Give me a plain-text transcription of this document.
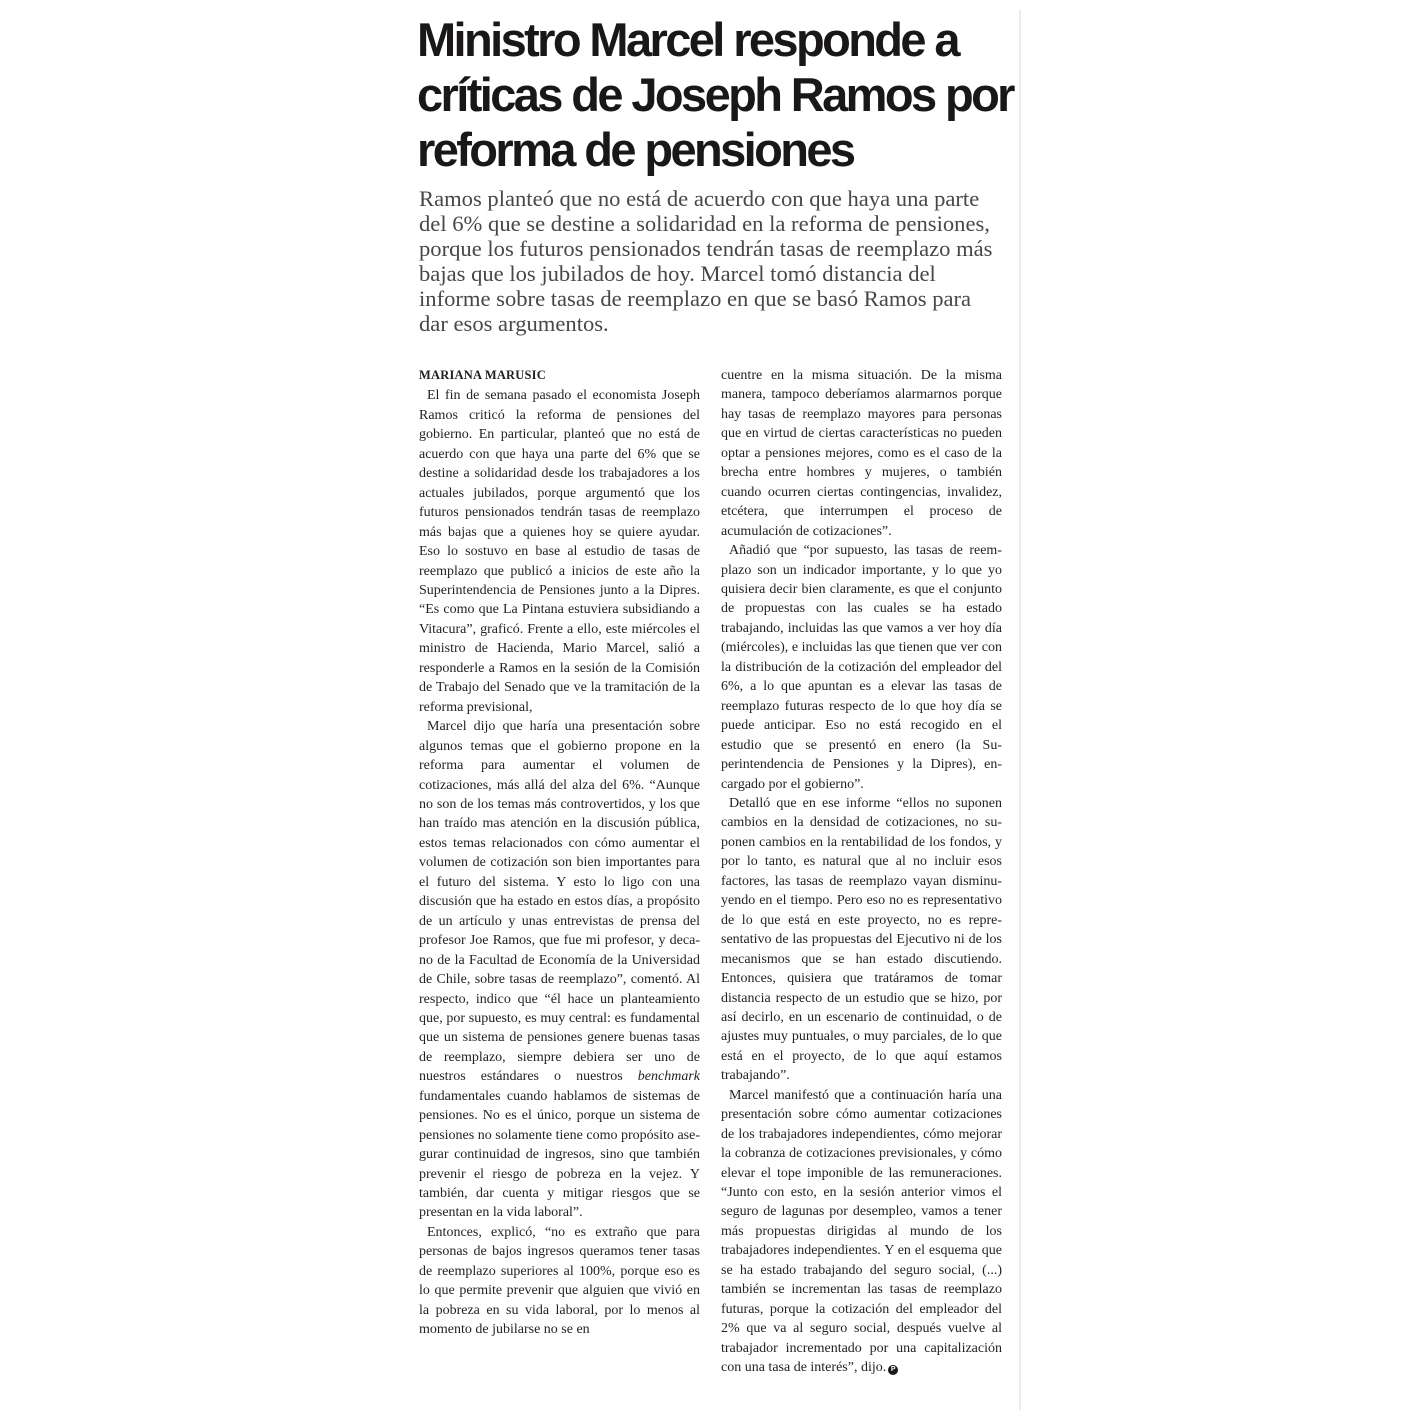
Ministro Marcel responde a críticas de Joseph Ramos por reforma de pensiones

Ramos planteó que no está de acuerdo con que haya una parte del 6% que se destine a solidaridad en la reforma de pensiones, porque los futuros pensionados tendrán tasas de reemplazo más bajas que los jubilados de hoy. Marcel tomó distancia del informe sobre tasas de reemplazo en que se basó Ramos para dar esos argumentos.

MARIANA MARUSIC

El fin de semana pasado el economista Joseph Ramos criticó la reforma de pensiones del gobierno. En particular, planteó que no está de acuerdo con que haya una parte del 6% que se destine a solidaridad desde los trabajadores a los actuales jubilados, porque argumentó que los futuros pensionados tendrán tasas de reemplazo más bajas que a quienes hoy se quiere ayudar. Eso lo sostuvo en base al estudio de tasas de reemplazo que publicó a inicios de este año la Superintendencia de Pensiones junto a la Dipres. “Es como que La Pintana estuviera subsidiando a Vitacura”, graficó. Frente a ello, este miércoles el ministro de Hacienda, Mario Marcel, salió a responderle a Ramos en la sesión de la Comisión de Trabajo del Senado que ve la tramitación de la reforma previsional,

Marcel dijo que haría una presentación sobre algunos temas que el gobierno propone en la reforma para aumentar el volumen de cotizaciones, más allá del alza del 6%. “Aunque no son de los temas más controvertidos, y los que han traído mas atención en la discusión pública, estos temas relacionados con cómo aumentar el volumen de cotización son bien importantes para el futuro del sistema. Y esto lo ligo con una discusión que ha estado en estos días, a propósito de un artículo y unas entrevistas de prensa del profesor Joe Ramos, que fue mi profesor, y decano de la Facultad de Economía de la Universidad de Chile, sobre tasas de reemplazo”, comentó. Al respecto, indico que “él hace un planteamiento que, por supuesto, es muy central: es fundamental que un sistema de pensiones genere buenas tasas de reemplazo, siempre debiera ser uno de nuestros estándares o nuestros benchmark fundamentales cuando hablamos de sistemas de pensiones. No es el único, porque un sistema de pensiones no solamente tiene como propósito asegurar continuidad de ingresos, sino que también prevenir el riesgo de pobreza en la vejez. Y también, dar cuenta y mitigar riesgos que se presentan en la vida laboral”.

Entonces, explicó, “no es extraño que para personas de bajos ingresos queramos tener tasas de reemplazo superiores al 100%, porque eso es lo que permite prevenir que alguien que vivió en la pobreza en su vida laboral, por lo menos al momento de jubilarse no se en

cuentre en la misma situación. De la misma manera, tampoco deberíamos alarmarnos porque hay tasas de reemplazo mayores para personas que en virtud de ciertas características no pueden optar a pensiones mejores, como es el caso de la brecha entre hombres y mujeres, o también cuando ocurren ciertas contingencias, invalidez, etcétera, que interrumpen el proceso de acumulación de cotizaciones”.

Añadió que “por supuesto, las tasas de reemplazo son un indicador importante, y lo que yo quisiera decir bien claramente, es que el conjunto de propuestas con las cuales se ha estado trabajando, incluidas las que vamos a ver hoy día (miércoles), e incluidas las que tienen que ver con la distribución de la cotización del empleador del 6%, a lo que apuntan es a elevar las tasas de reemplazo futuras respecto de lo que hoy día se puede anticipar. Eso no está recogido en el estudio que se presentó en enero (la Superintendencia de Pensiones y la Dipres), encargado por el gobierno”.

Detalló que en ese informe “ellos no suponen cambios en la densidad de cotizaciones, no suponen cambios en la rentabilidad de los fondos, y por lo tanto, es natural que al no incluir esos factores, las tasas de reemplazo vayan disminuyendo en el tiempo. Pero eso no es representativo de lo que está en este proyecto, no es representativo de las propuestas del Ejecutivo ni de los mecanismos que se han estado discutiendo. Entonces, quisiera que tratáramos de tomar distancia respecto de un estudio que se hizo, por así decirlo, en un escenario de continuidad, o de ajustes muy puntuales, o muy parciales, de lo que está en el proyecto, de lo que aquí estamos trabajando”.

Marcel manifestó que a continuación haría una presentación sobre cómo aumentar cotizaciones de los trabajadores independientes, cómo mejorar la cobranza de cotizaciones previsionales, y cómo elevar el tope imponible de las remuneraciones. “Junto con esto, en la sesión anterior vimos el seguro de lagunas por desempleo, vamos a tener más propuestas dirigidas al mundo de los trabajadores independientes. Y en el esquema que se ha estado trabajando del seguro social, (...) también se incrementan las tasas de reemplazo futuras, porque la cotización del empleador del 2% que va al seguro social, después vuelve al trabajador incrementado por una capitalización con una tasa de interés”, dijo. P
